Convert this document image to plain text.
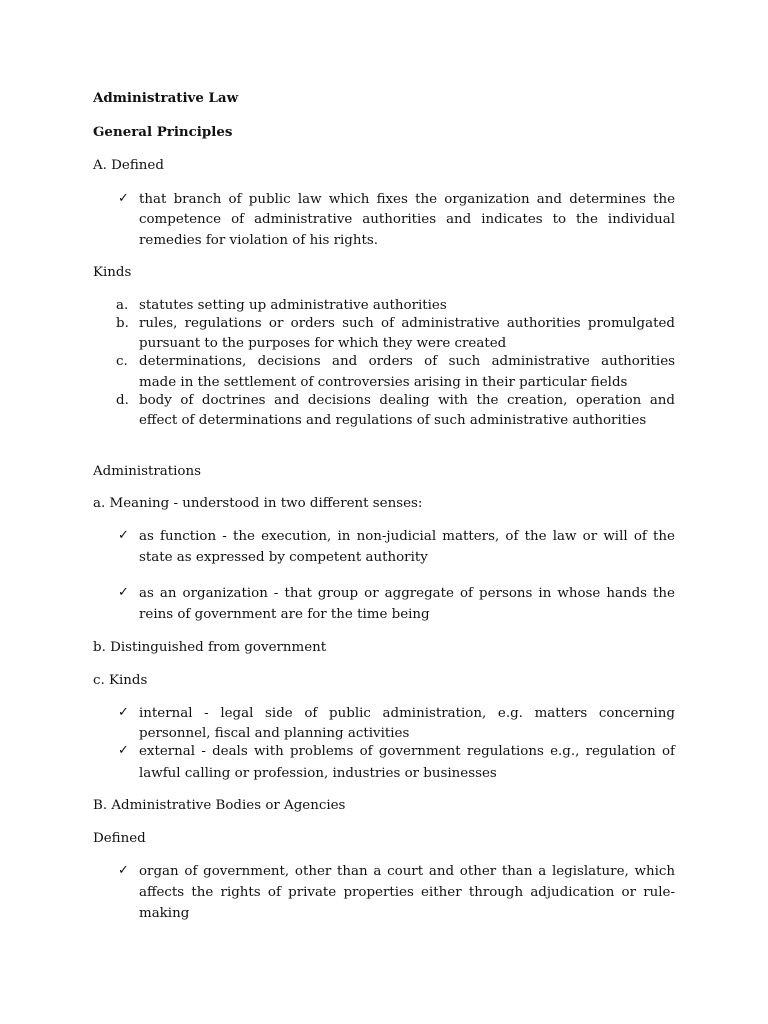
Administrative Law
General Principles
A. Defined
✓ that branch of public law which fixes the organization and determines the
competence of administrative authorities and indicates to the individual
remedies for violation of his rights.
Kinds
a. statutes setting up administrative authorities
b. rules, regulations or orders such of administrative authorities promulgated
pursuant to the purposes for which they were created
c. determinations, decisions and orders of such administrative authorities
made in the settlement of controversies arising in their particular fields
d. body of doctrines and decisions dealing with the creation, operation and
effect of determinations and regulations of such administrative authorities
Administrations
a. Meaning - understood in two different senses:
✓ as function - the execution, in non-judicial matters, of the law or will of the
state as expressed by competent authority
✓ as an organization - that group or aggregate of persons in whose hands the
reins of government are for the time being
b. Distinguished from government
c. Kinds
✓ internal - legal side of public administration, e.g. matters concerning
personnel, fiscal and planning activities
✓ external - deals with problems of government regulations e.g., regulation of
lawful calling or profession, industries or businesses
B. Administrative Bodies or Agencies
Defined
✓ organ of government, other than a court and other than a legislature, which
affects the rights of private properties either through adjudication or rule-
making
